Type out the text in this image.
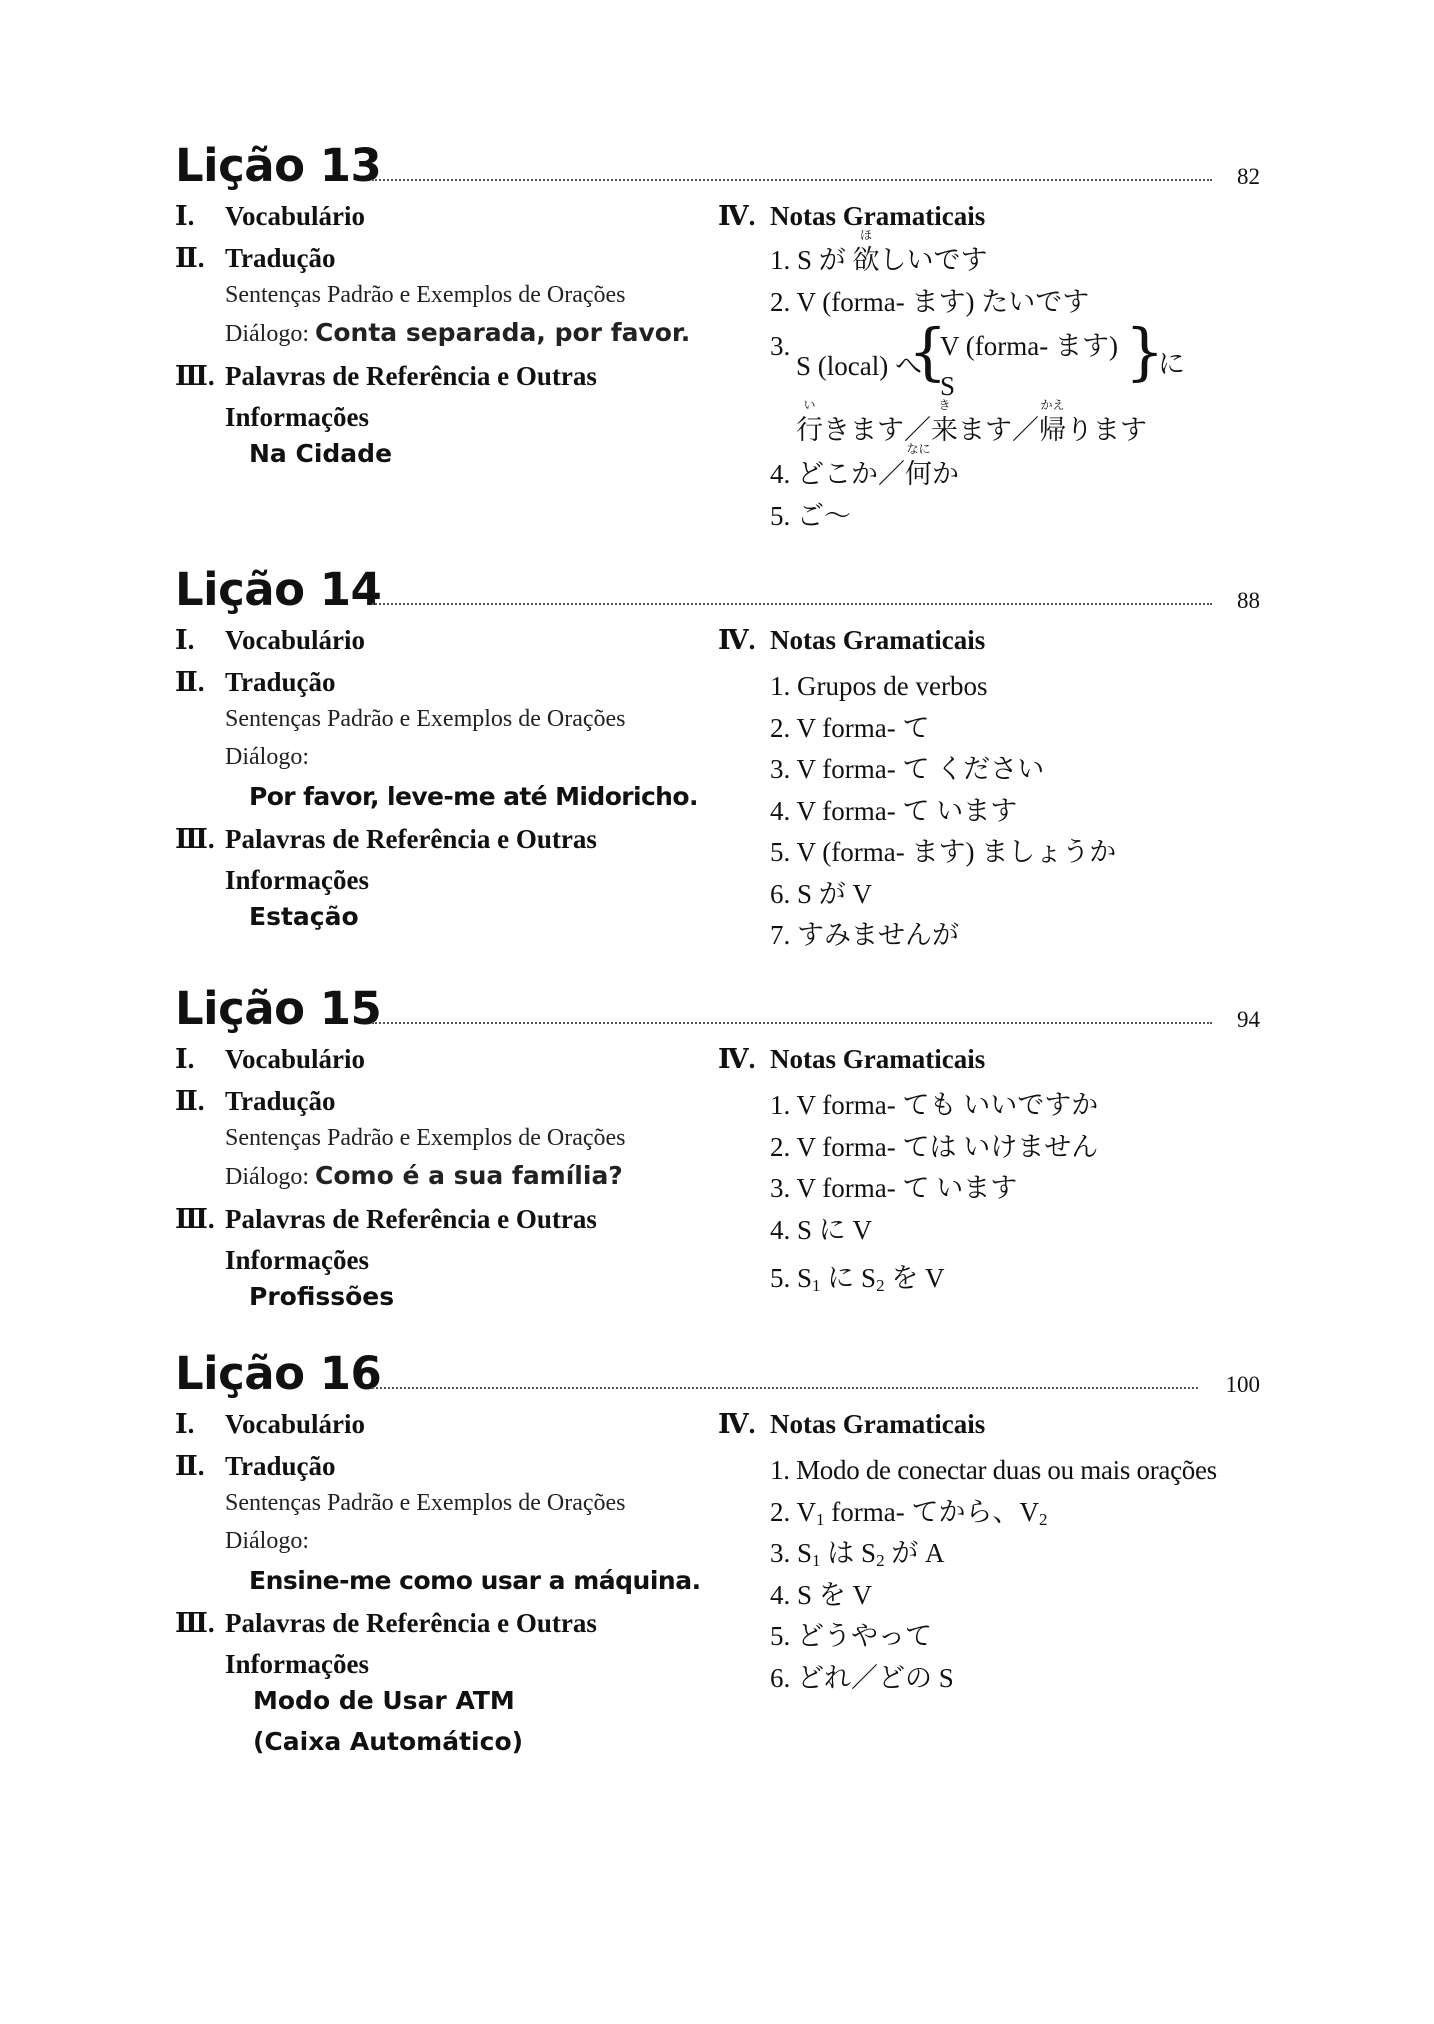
Lição 13	82
Ⅰ. Vocabulário
Ⅱ. Tradução
Sentenças Padrão e Exemplos de Orações
Diálogo: Conta separada, por favor.
Ⅲ. Palavras de Referência e Outras
Informações
Na Cidade
Ⅳ. Notas Gramaticais
1. S が
ほ
欲しいです
2. V (forma- ます) たいです
3.
S (local) へ
{
V (forma- ます)
S	}
に
い
行きます／
き
来ます／
かえ
帰ります
4. どこか／
なに
何か
5. ご～
Lição 14	88
Ⅰ. Vocabulário
Ⅱ. Tradução
Sentenças Padrão e Exemplos de Orações
Diálogo:
Por favor, leve-me até Midoricho.
Ⅲ. Palavras de Referência e Outras
Informações
Estação
Ⅳ. Notas Gramaticais
1. Grupos de verbos
2. V forma- て
3. V forma- て ください
4. V forma- て います
5. V (forma- ます) ましょうか
6. S が V
7. すみませんが
Lição 15	94
Ⅰ. Vocabulário
Ⅱ. Tradução
Sentenças Padrão e Exemplos de Orações
Diálogo: Como é a sua família?
Ⅲ. Palavras de Referência e Outras
Informações
Profissões
Ⅳ. Notas Gramaticais
1. V forma- ても いいですか
2. V forma- ては いけません
3. V forma- て います
4. S に V
5. $S_1$ に $S_2$ を V
Lição 16	100
Ⅰ. Vocabulário
Ⅱ. Tradução
Sentenças Padrão e Exemplos de Orações
Diálogo:
Ensine-me como usar a máquina.
Ⅲ. Palavras de Referência e Outras
Informações
Modo de Usar ATM
(Caixa Automático)
Ⅳ. Notas Gramaticais
1. Modo de conectar duas ou mais orações
2. $V_1$ forma- てから、$V_2$
3. $S_1$ は $S_2$ が A
4. S を V
5. どうやって
6. どれ／どの S
